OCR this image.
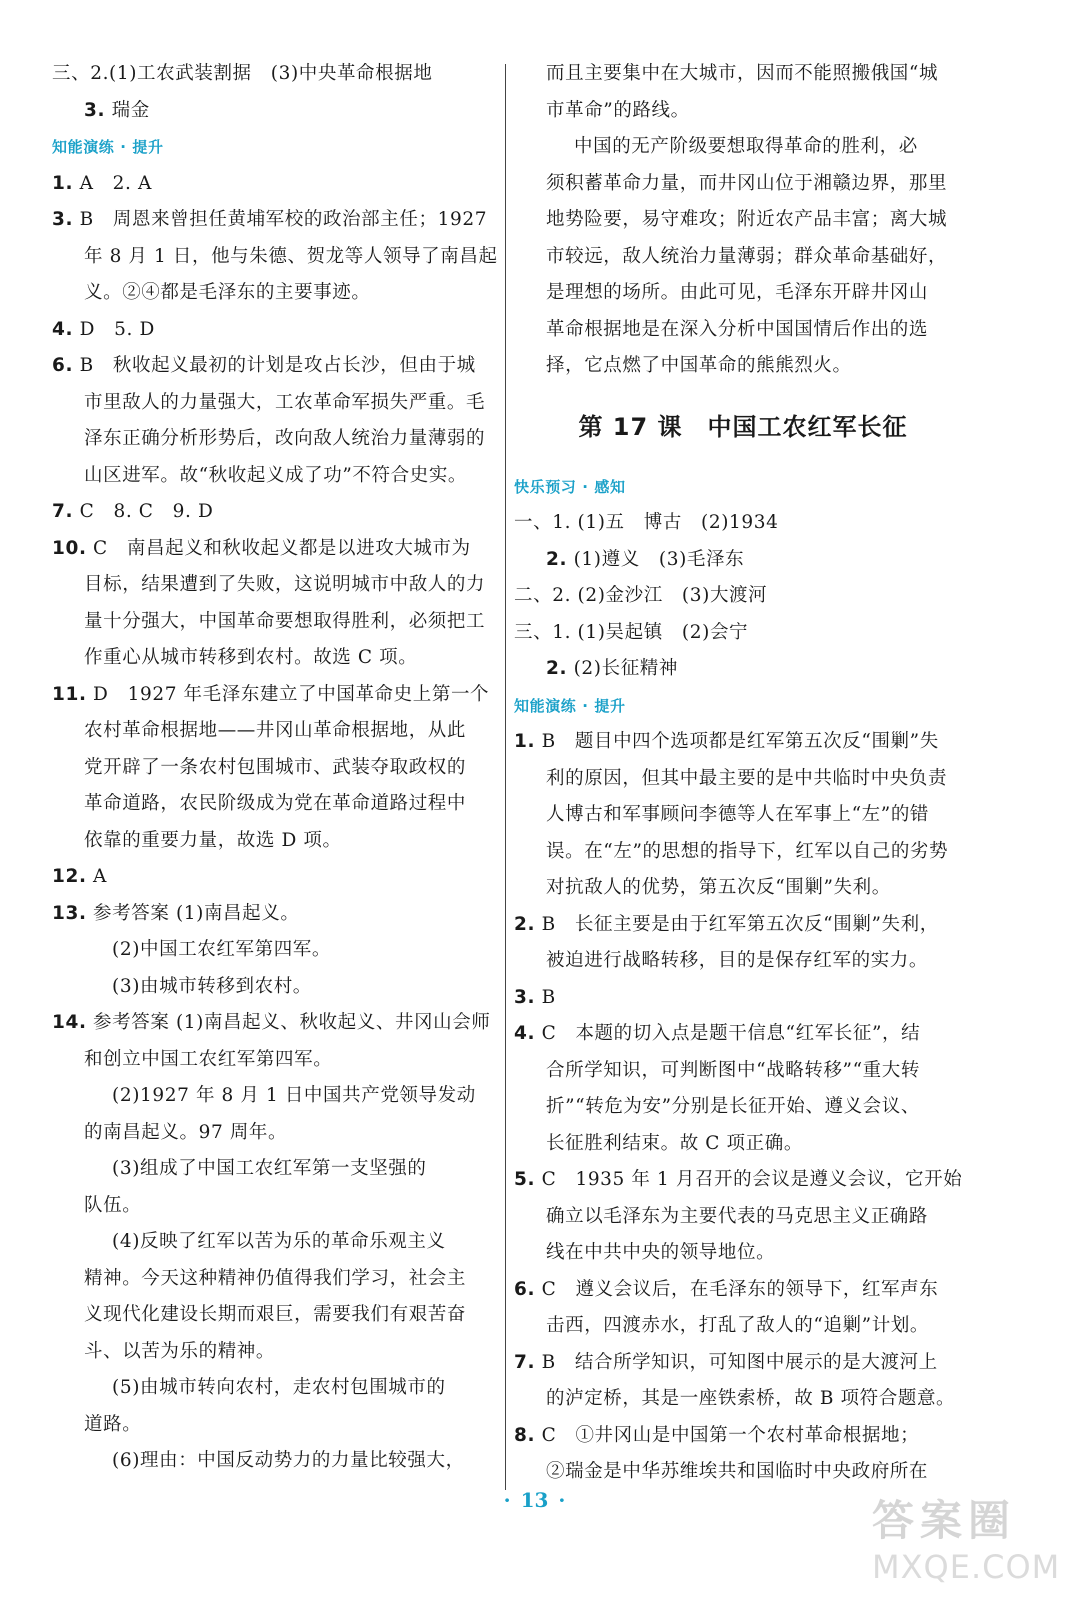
三、2.(1)工农武装割据　(3)中央革命根据地
3. 瑞金
知能演练 · 提升
1. A　2. A
3. B　周恩来曾担任黄埔军校的政治部主任；1927
年 8 月 1 日，他与朱德、贺龙等人领导了南昌起
义。②④都是毛泽东的主要事迹。
4. D　5. D
6. B　秋收起义最初的计划是攻占长沙，但由于城
市里敌人的力量强大，工农革命军损失严重。毛
泽东正确分析形势后，改向敌人统治力量薄弱的
山区进军。故“秋收起义成了功”不符合史实。
7. C　8. C　9. D
10. C　南昌起义和秋收起义都是以进攻大城市为
目标，结果遭到了失败，这说明城市中敌人的力
量十分强大，中国革命要想取得胜利，必须把工
作重心从城市转移到农村。故选 C 项。
11. D　1927 年毛泽东建立了中国革命史上第一个
农村革命根据地——井冈山革命根据地，从此
党开辟了一条农村包围城市、武装夺取政权的
革命道路，农民阶级成为党在革命道路过程中
依靠的重要力量，故选 D 项。
12. A
13. 参考答案 (1)南昌起义。
(2)中国工农红军第四军。
(3)由城市转移到农村。
14. 参考答案 (1)南昌起义、秋收起义、井冈山会师
和创立中国工农红军第四军。
(2)1927 年 8 月 1 日中国共产党领导发动
的南昌起义。97 周年。
(3)组成了中国工农红军第一支坚强的
队伍。
(4)反映了红军以苦为乐的革命乐观主义
精神。今天这种精神仍值得我们学习，社会主
义现代化建设长期而艰巨，需要我们有艰苦奋
斗、以苦为乐的精神。
(5)由城市转向农村，走农村包围城市的
道路。
(6)理由：中国反动势力的力量比较强大，
而且主要集中在大城市，因而不能照搬俄国“城
市革命”的路线。
中国的无产阶级要想取得革命的胜利，必
须积蓄革命力量，而井冈山位于湘赣边界，那里
地势险要，易守难攻；附近农产品丰富；离大城
市较远，敌人统治力量薄弱；群众革命基础好，
是理想的场所。由此可见，毛泽东开辟井冈山
革命根据地是在深入分析中国国情后作出的选
择，它点燃了中国革命的熊熊烈火。
第 17 课　中国工农红军长征
快乐预习 · 感知
一、1. (1)五　博古　(2)1934
2. (1)遵义　(3)毛泽东
二、2. (2)金沙江　(3)大渡河
三、1. (1)吴起镇　(2)会宁
2. (2)长征精神
知能演练 · 提升
1. B　题目中四个选项都是红军第五次反“围剿”失
利的原因，但其中最主要的是中共临时中央负责
人博古和军事顾问李德等人在军事上“左”的错
误。在“左”的思想的指导下，红军以自己的劣势
对抗敌人的优势，第五次反“围剿”失利。
2. B　长征主要是由于红军第五次反“围剿”失利，
被迫进行战略转移，目的是保存红军的实力。
3. B
4. C　本题的切入点是题干信息“红军长征”，结
合所学知识，可判断图中“战略转移”“重大转
折”“转危为安”分别是长征开始、遵义会议、
长征胜利结束。故 C 项正确。
5. C　1935 年 1 月召开的会议是遵义会议，它开始
确立以毛泽东为主要代表的马克思主义正确路
线在中共中央的领导地位。
6. C　遵义会议后，在毛泽东的领导下，红军声东
击西，四渡赤水，打乱了敌人的“追剿”计划。
7. B　结合所学知识，可知图中展示的是大渡河上
的泸定桥，其是一座铁索桥，故 B 项符合题意。
8. C　①井冈山是中国第一个农村革命根据地；
②瑞金是中华苏维埃共和国临时中央政府所在
· 13 ·	答案圈
MXQE.COM
